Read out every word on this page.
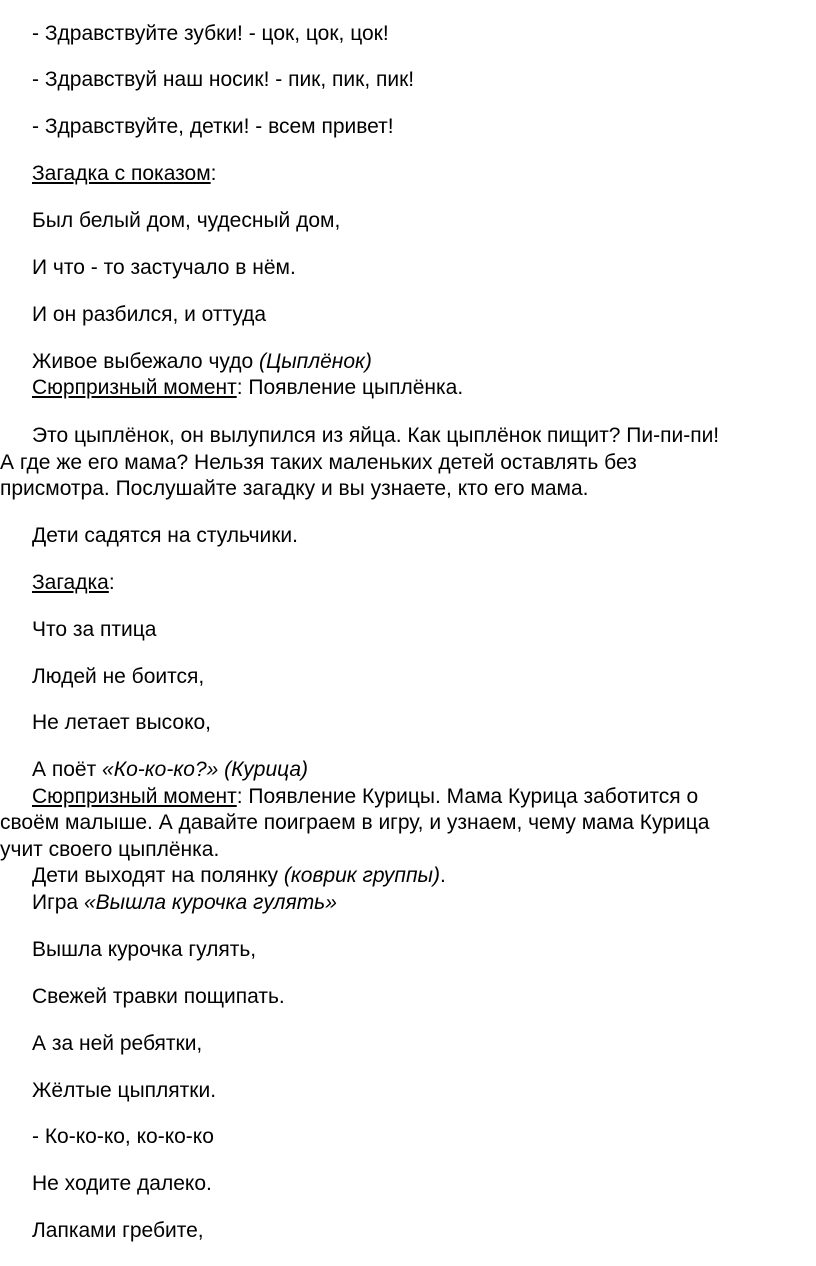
- Здравствуйте зубки! - цок, цок, цок!
- Здравствуй наш носик! - пик, пик, пик!
- Здравствуйте, детки! - всем привет!
Загадка с показом:
Был белый дом, чудесный дом,
И что - то застучало в нём.
И он разбился, и оттуда
Живое выбежало чудо (Цыплёнок)
Сюрпризный момент: Появление цыплёнка.
Это цыплёнок, он вылупился из яйца. Как цыплёнок пищит? Пи-пи-пи!
А где же его мама? Нельзя таких маленьких детей оставлять без
присмотра. Послушайте загадку и вы узнаете, кто его мама.
Дети садятся на стульчики.
Загадка:
Что за птица
Людей не боится,
Не летает высоко,
А поёт «Ко-ко-ко?» (Курица)
Сюрпризный момент: Появление Курицы. Мама Курица заботится о
своём малыше. А давайте поиграем в игру, и узнаем, чему мама Курица
учит своего цыплёнка.
Дети выходят на полянку (коврик группы).
Игра «Вышла курочка гулять»
Вышла курочка гулять,
Свежей травки пощипать.
А за ней ребятки,
Жёлтые цыплятки.
- Ко-ко-ко, ко-ко-ко
Не ходите далеко.
Лапками гребите,
